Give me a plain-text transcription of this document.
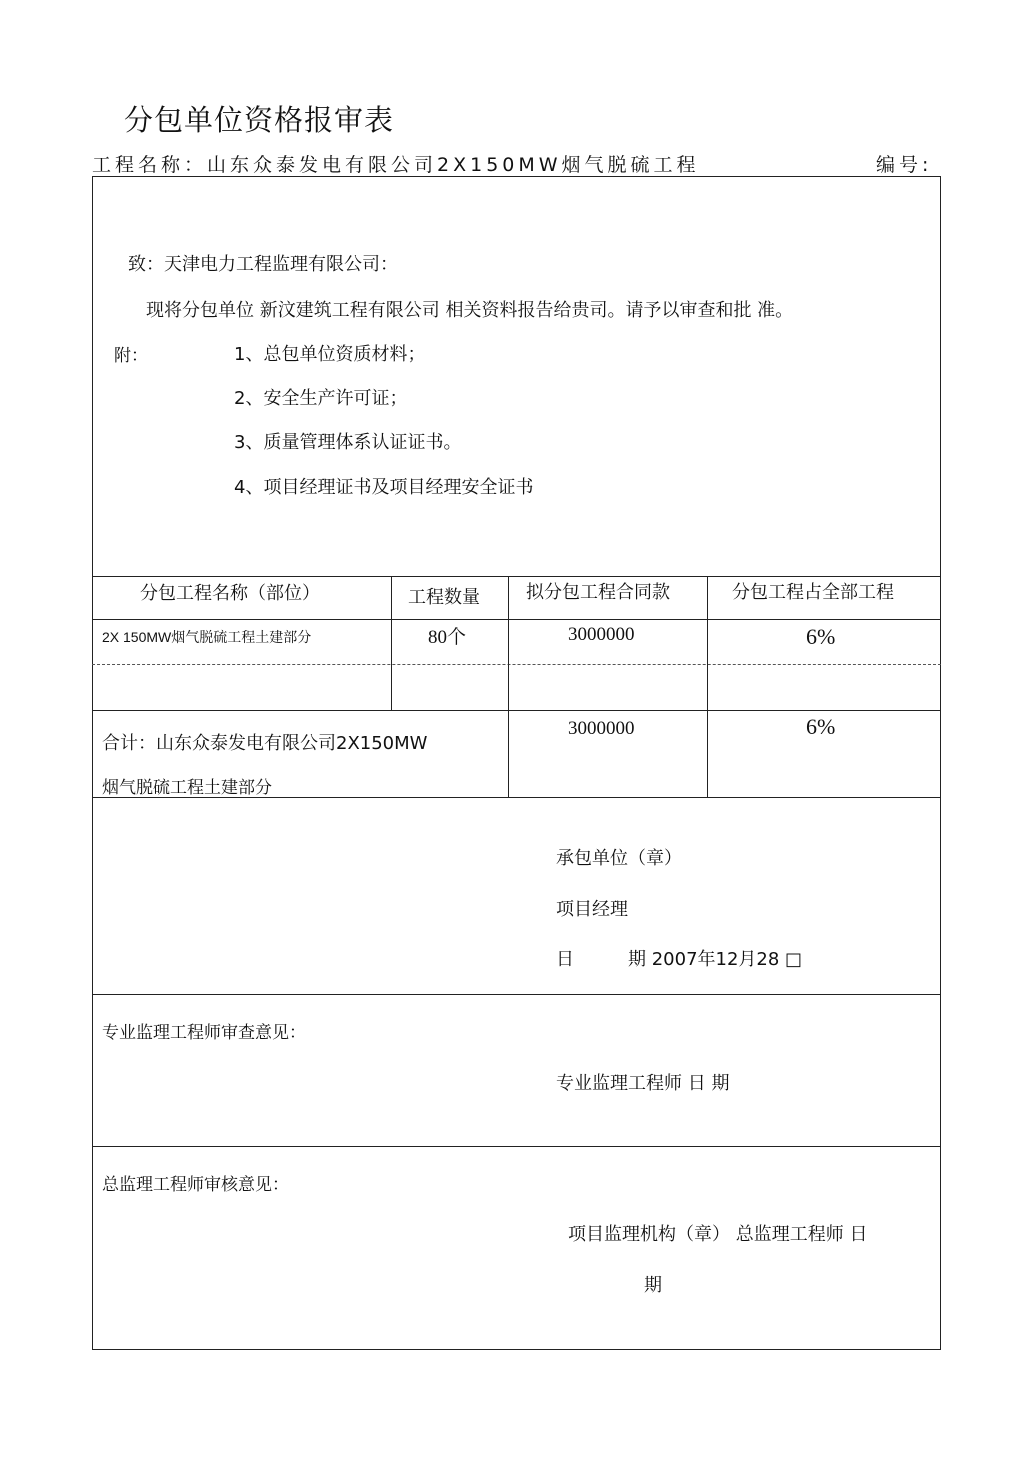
分包单位资格报审表
工程名称：山东众泰发电有限公司2X150MW烟气脱硫工程	编号:
致：天津电力工程监理有限公司：
现将分包单位 新汶建筑工程有限公司 相关资料报告给贵司。请予以审查和批 准。
附：	1、总包单位资质材料；
2、安全生产许可证；
3、质量管理体系认证证书。
4、项目经理证书及项目经理安全证书
分包工程名称（部位）	工程数量	拟分包工程合同款	分包工程占全部工程
2X 150MW烟气脱硫工程土建部分	80个	3000000	6%
合计：山东众泰发电有限公司2X150MW
烟气脱硫工程土建部分
3000000	6%
承包单位（章）
项目经理
日	期 2007年12月28 □
专业监理工程师审查意见：
专业监理工程师 日 期
总监理工程师审核意见：
项目监理机构（章） 总监理工程师 日
期
